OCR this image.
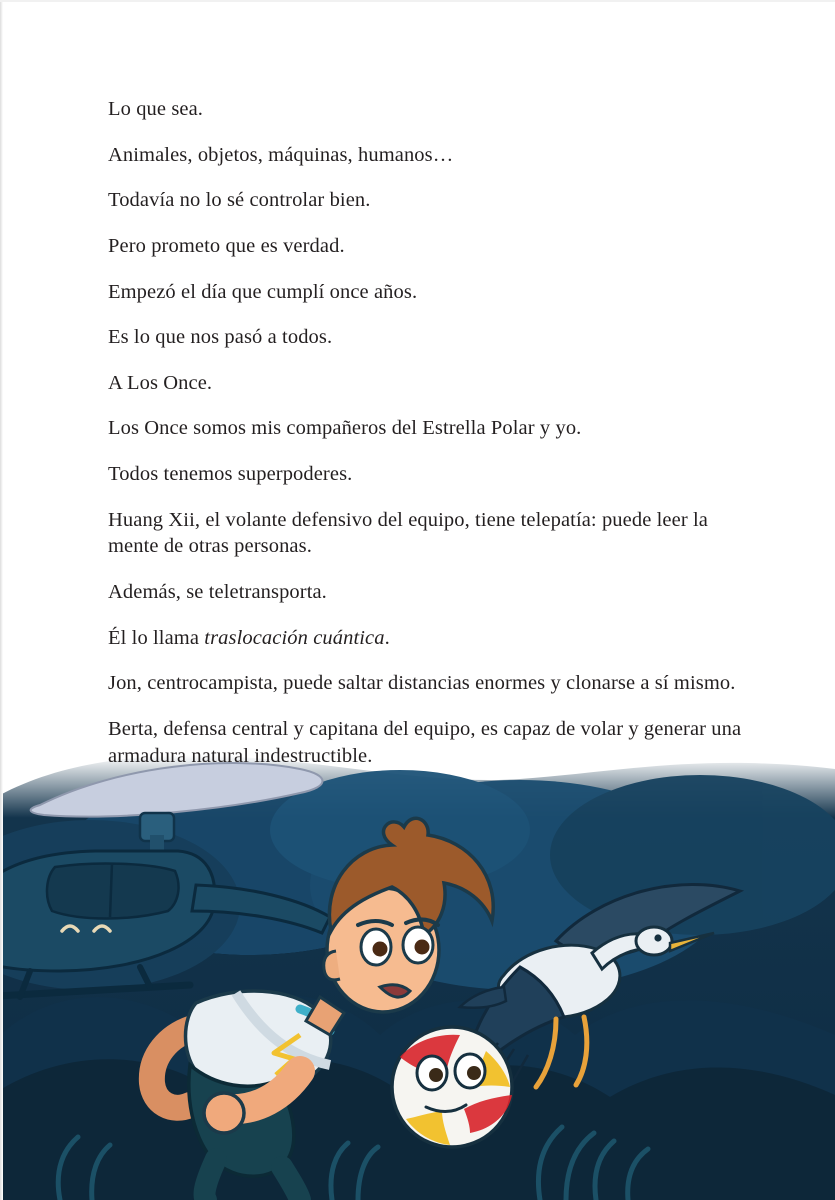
Lo que sea.

Animales, objetos, máquinas, humanos…

Todavía no lo sé controlar bien.

Pero prometo que es verdad.

Empezó el día que cumplí once años.

Es lo que nos pasó a todos.

A Los Once.

Los Once somos mis compañeros del Estrella Polar y yo.

Todos tenemos superpoderes.

Huang Xii, el volante defensivo del equipo, tiene telepatía: puede leer la mente de otras personas.

Además, se teletransporta.

Él lo llama traslocación cuántica.

Jon, centrocampista, puede saltar distancias enormes y clonarse a sí mismo.

Berta, defensa central y capitana del equipo, es capaz de volar y generar una armadura natural indestructible.
